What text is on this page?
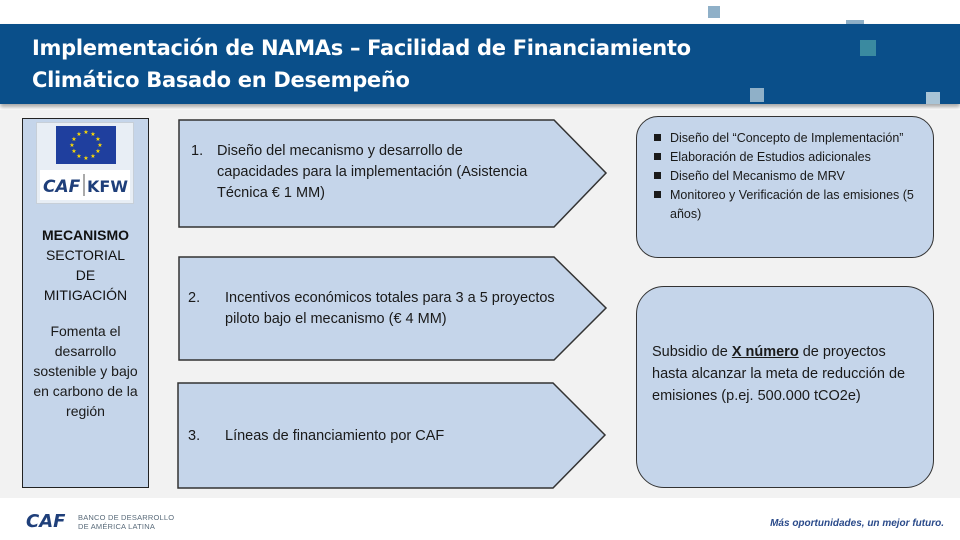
Implementación de NAMAs – Facilidad de Financiamiento
Climático Basado en Desempeño
★ ★
★
★
★
★
★
★
★
★
★
★
CAF KFW
MECANISMO
SECTORIAL
DE
MITIGACIÓN
Fomenta el desarrollo sostenible y bajo en carbono de la región
1. Diseño del mecanismo y desarrollo de capacidades para la implementación (Asistencia Técnica € 1 MM)
2. Incentivos económicos totales para 3 a 5 proyectos piloto bajo el mecanismo (€ 4 MM)
3. Líneas de financiamiento por CAF
Diseño del “Concepto de Implementación”
Elaboración de Estudios adicionales
Diseño del Mecanismo de MRV
Monitoreo y Verificación de las emisiones (5 años)
Subsidio de X número de proyectos hasta alcanzar la meta de reducción de emisiones (p.ej. 500.000 tCO2e)
CAF BANCO DE DESARROLLO
DE AMÉRICA LATINA	Más oportunidades, un mejor futuro.
